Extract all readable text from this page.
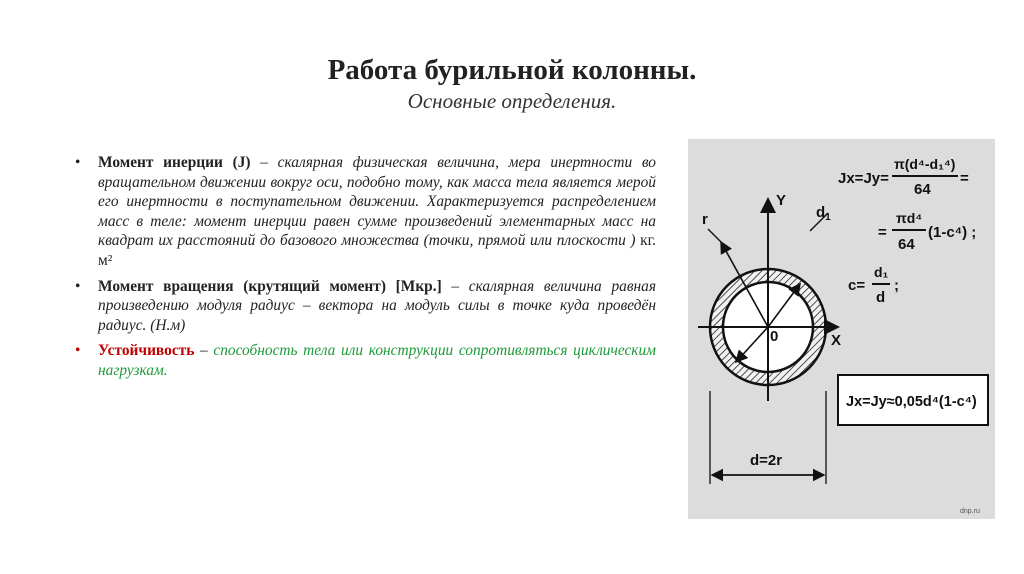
Работа бурильной колонны.
Основные определения.
• Момент инерции (J) – скалярная физическая величина, мера инертности во вращательном движении вокруг оси, подобно тому, как масса тела является мерой его инертности в поступательном движении. Характеризуется распределением масс в теле: момент инерции равен сумме произведений элементарных масс на квадрат их расстояний до базового множества (точки, прямой или плоскости ) кг. м²
• Момент вращения (крутящий момент) [Мкр.] – скалярная величина равная произведению модуля радиус – вектора на модуль силы в точке куда проведён радиус. (Н.м)
• Устойчивость – способность тела или конструкции сопротивляться циклическим нагрузкам.
Y
X
0
r	$d_1$
d=2r
Jx=Jy=
π(d⁴-d₁⁴)
64
=
=
πd⁴
64
(1-c⁴) ;
c=
d₁
d
;
Jx=Jy≈0,05d⁴(1-c⁴)
dnp.ru
